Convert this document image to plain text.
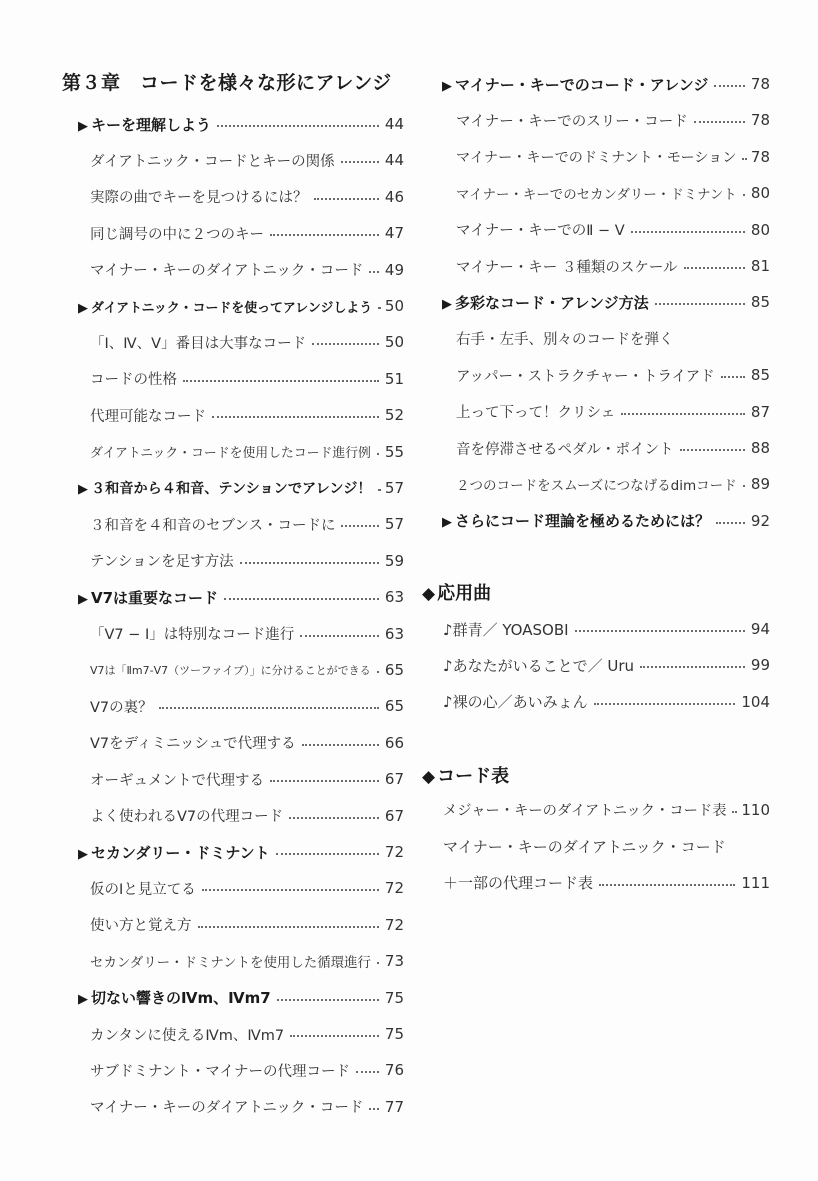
第３章　コードを様々な形にアレンジ
▶ キーを理解しよう	44
ダイアトニック・コードとキーの関係	44
実際の曲でキーを見つけるには？	46
同じ調号の中に２つのキー	47
マイナー・キーのダイアトニック・コード 49
▶ ダイアトニック・コードを使ってアレンジしよう 50
「Ⅰ、Ⅳ、Ⅴ」番目は大事なコード	50
コードの性格	51
代理可能なコード	52
ダイアトニック・コードを使用したコード進行例 55
▶ ３和音から４和音、テンションでアレンジ！ 57
３和音を４和音のセブンス・コードに	57
テンションを足す方法	59
▶ Ⅴ7は重要なコード	63
「Ⅴ7 − Ⅰ」は特別なコード進行	63
Ⅴ7は「Ⅱm7-Ⅴ7（ツーファイブ）」に分けることができる 65
Ⅴ7の裏？	65
Ⅴ7をディミニッシュで代理する	66
オーギュメントで代理する	67
よく使われるⅤ7の代理コード	67
▶ セカンダリー・ドミナント	72
仮のⅠと見立てる	72
使い方と覚え方	72
セカンダリー・ドミナントを使用した循環進行 73
▶ 切ない響きのⅣm、Ⅳm7	75
カンタンに使えるⅣm、Ⅳm7	75
サブドミナント・マイナーの代理コード 76
マイナー・キーのダイアトニック・コード 77
▶ マイナー・キーでのコード・アレンジ	78
マイナー・キーでのスリー・コード	78
マイナー・キーでのドミナント・モーション 78
マイナー・キーでのセカンダリー・ドミナント 80
マイナー・キーでのⅡ − Ⅴ	80
マイナー・キー ３種類のスケール	81
▶ 多彩なコード・アレンジ方法	85
右手・左手、別々のコードを弾く
アッパー・ストラクチャー・トライアド 85
上って下って！クリシェ	87
音を停滞させるペダル・ポイント	88
２つのコードをスムーズにつなげるdimコード 89
▶ さらにコード理論を極めるためには？	92
♪群青／ YOASOBI	94
♪あなたがいることで／ Uru	99
♪裸の心／あいみょん	104
メジャー・キーのダイアトニック・コード表 110
マイナー・キーのダイアトニック・コード
＋一部の代理コード表	111
◆ 応用曲
◆ コード表
